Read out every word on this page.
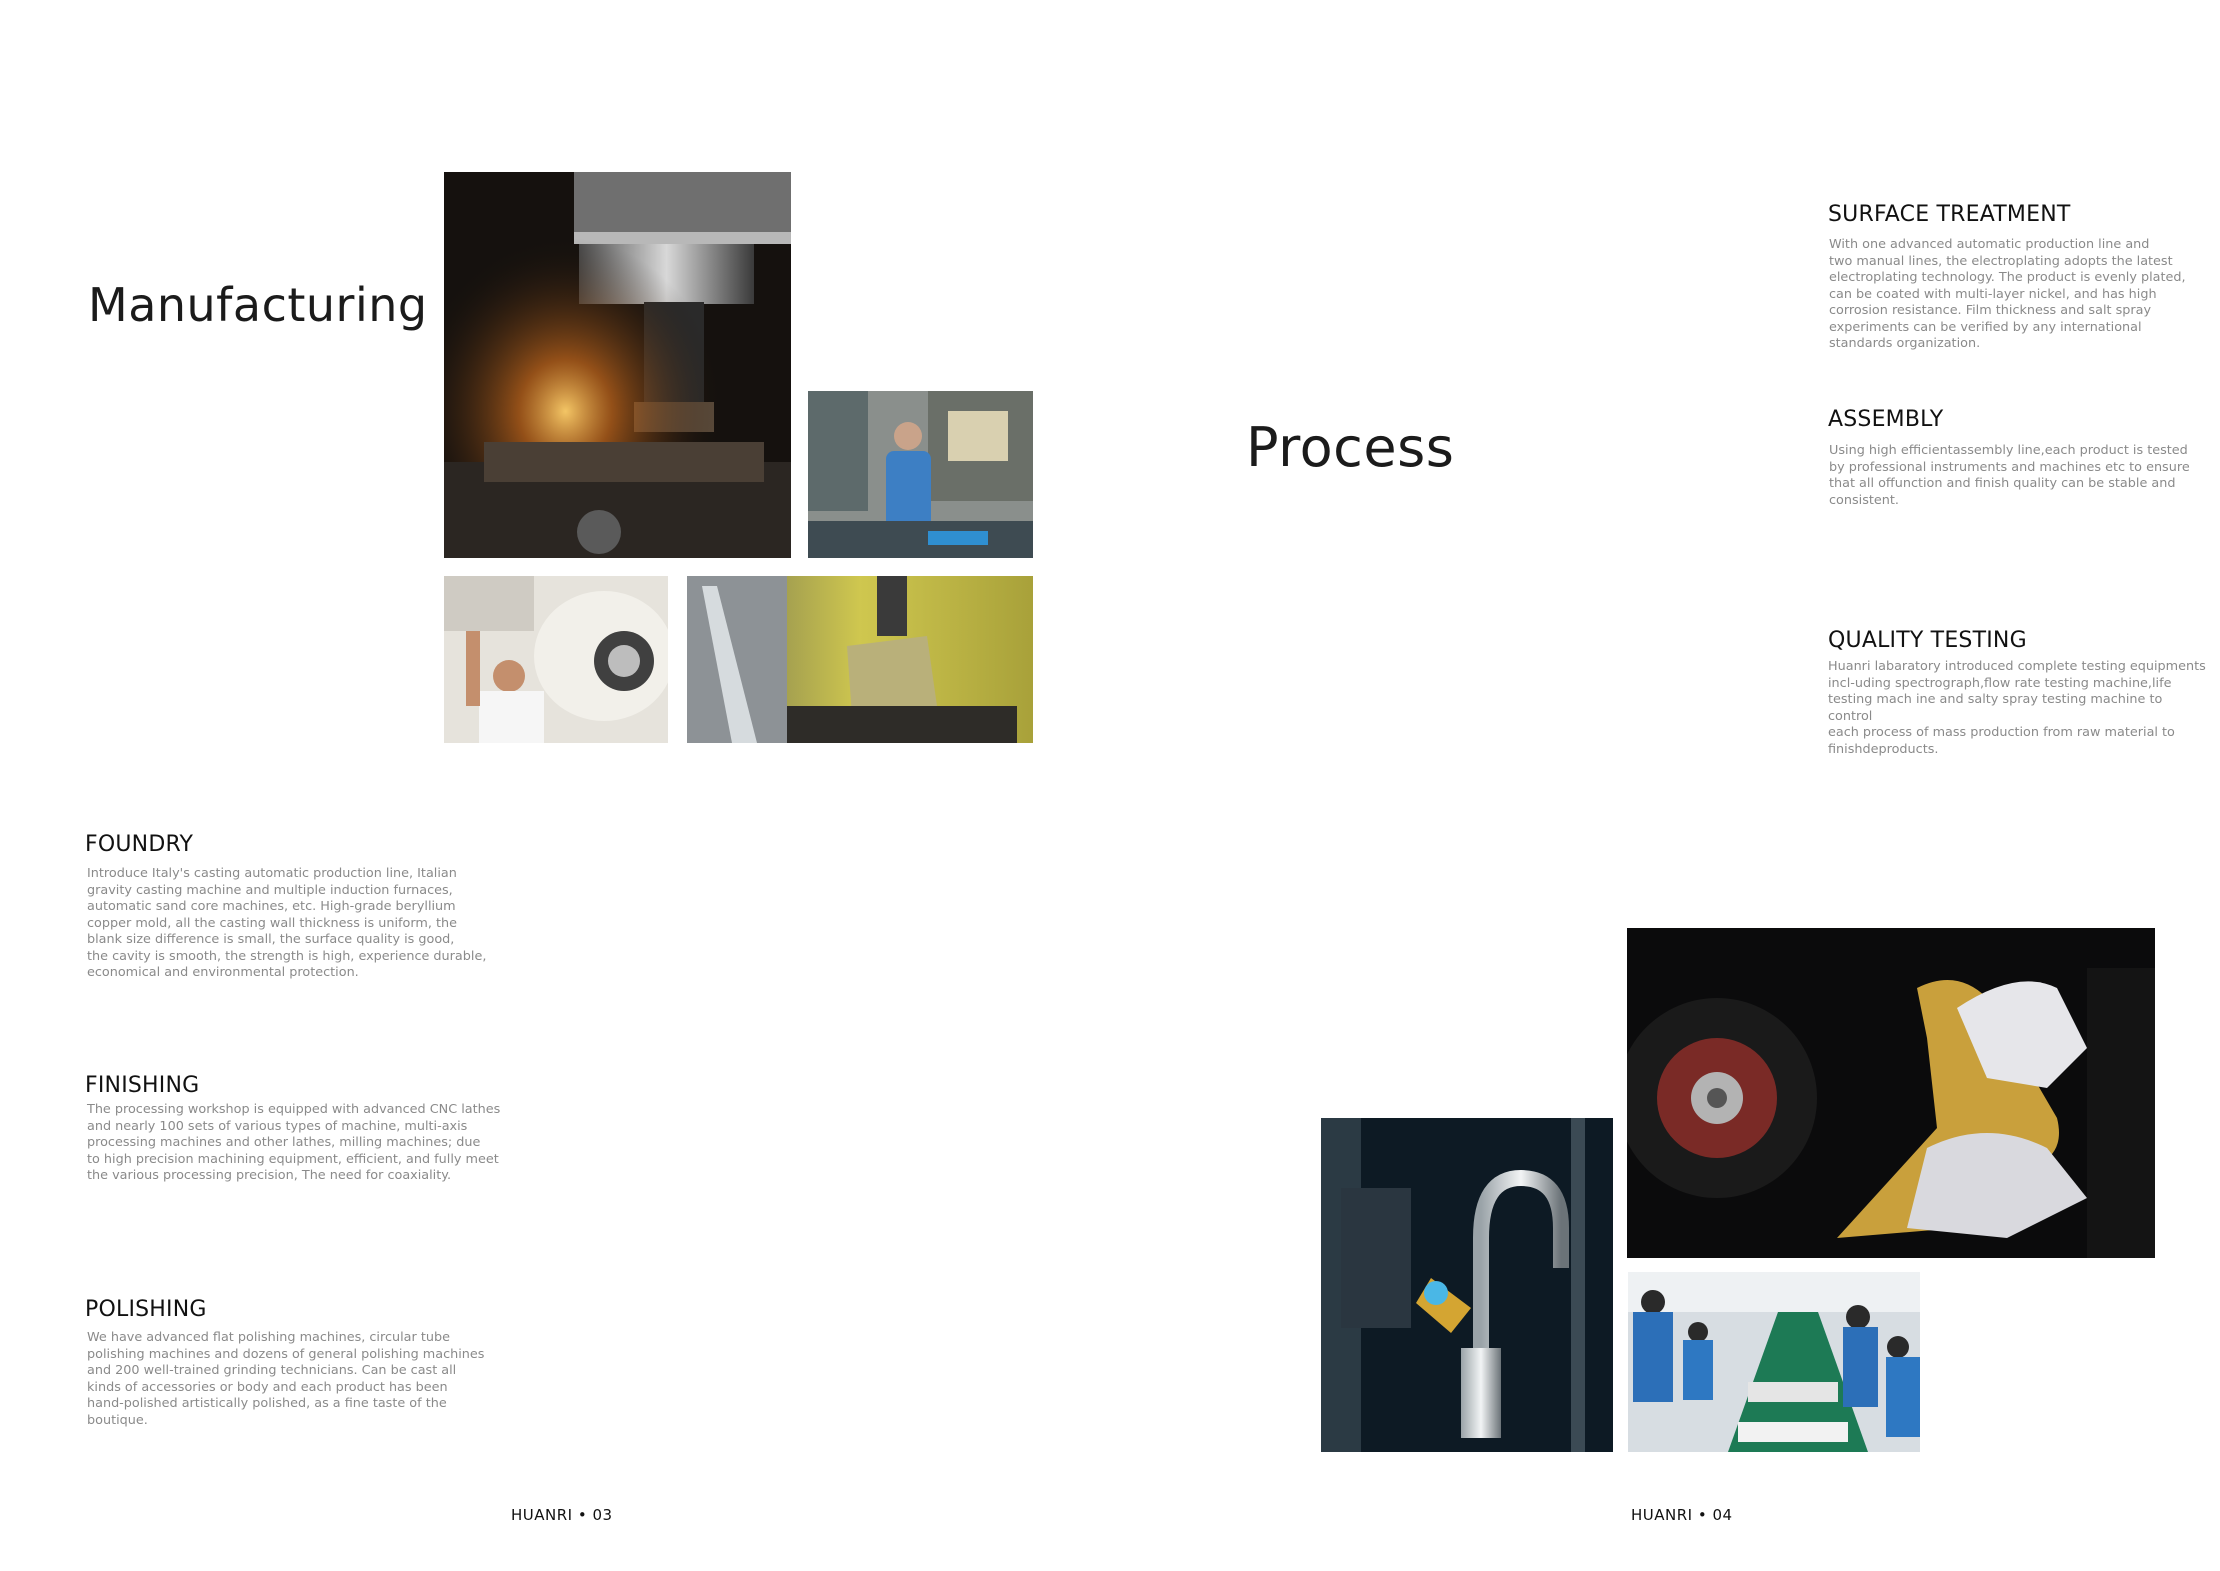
Manufacturing
FOUNDRY
Introduce Italy's casting automatic production line, Italian
gravity casting machine and multiple induction furnaces,
automatic sand core machines, etc. High-grade beryllium
copper mold, all the casting wall thickness is uniform, the
blank size difference is small, the surface quality is good,
the cavity is smooth, the strength is high, experience durable,
economical and environmental protection.
FINISHING
The processing workshop is equipped with advanced CNC lathes
and nearly 100 sets of various types of machine, multi-axis
processing machines and other lathes, milling machines; due
to high precision machining equipment, efficient, and fully meet
the various processing precision, The need for coaxiality.
POLISHING
We have advanced flat polishing machines, circular tube
polishing machines and dozens of general polishing machines
and 200 well-trained grinding technicians. Can be cast all
kinds of accessories or body and each product has been
hand-polished artistically polished, as a fine taste of the
boutique.
HUANRI • 03
Process
SURFACE TREATMENT
With one advanced automatic production line and
two manual lines, the electroplating adopts the latest
electroplating technology. The product is evenly plated,
can be coated with multi-layer nickel, and has high
corrosion resistance. Film thickness and salt spray
experiments can be verified by any international
standards organization.
ASSEMBLY
Using high efficientassembly line,each product is tested
by professional instruments and machines etc to ensure
that all offunction and finish quality can be stable and
consistent.
QUALITY TESTING
Huanri labaratory introduced complete testing equipments
incl-uding spectrograph,flow rate testing machine,life
testing mach ine and salty spray testing machine to control
each process of mass production from raw material to
finishdeproducts.
HUANRI • 04
